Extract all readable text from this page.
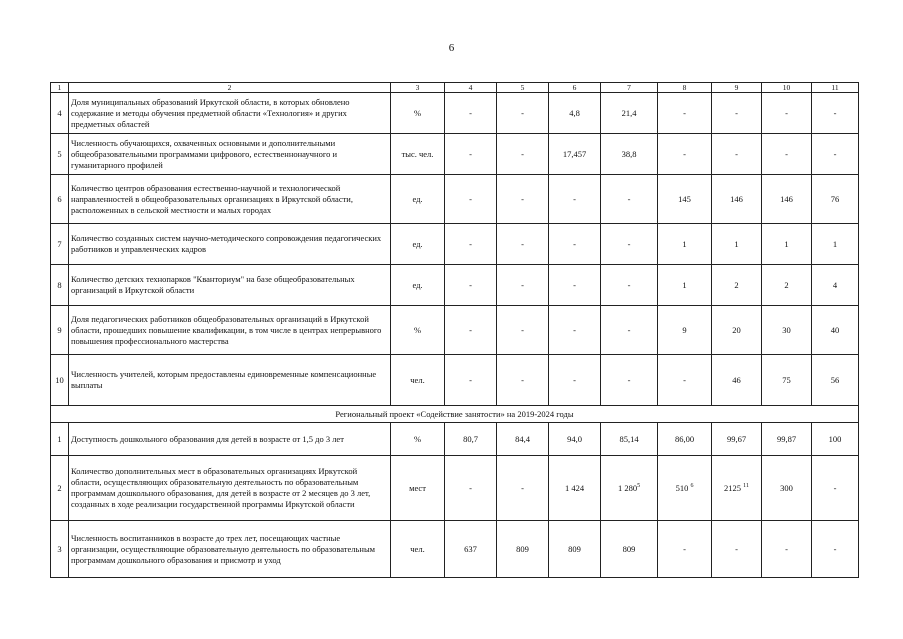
6
1	2	3	4	5	6	7	8	9	10	11
4	Доля муниципальных образований Иркутской области, в которых обновлено содержание и методы обучения предметной области «Технология» и других предметных областей	%	-	-	4,8	21,4	-	-	-	-
5	Численность обучающихся, охваченных основными и дополнительными общеобразовательными программами цифрового, естественнонаучного и гуманитарного профилей	тыс. чел.	-	-	17,457	38,8	-	-	-	-
6	Количество центров образования естественно-научной и технологической направленностей в общеобразовательных организациях в Иркутской области, расположенных в сельской местности и малых городах	ед.	-	-	-	-	145	146	146	76
7	Количество созданных систем научно-методического сопровождения педагогических работников и управленческих кадров	ед.	-	-	-	-	1	1	1	1
8	Количество детских технопарков "Кванториум" на базе общеобразовательных организаций в Иркутской области	ед.	-	-	-	-	1	2	2	4
9	Доля педагогических работников общеобразовательных организаций в Иркутской области, прошедших повышение квалификации, в том числе в центрах непрерывного повышения профессионального мастерства	%	-	-	-	-	9	20	30	40
10	Численность учителей, которым предоставлены единовременные компенсационные выплаты	чел.	-	-	-	-	-	46	75	56
Региональный проект «Содействие занятости» на 2019-2024 годы										
1	Доступность дошкольного образования для детей в возрасте от 1,5 до 3 лет	%	80,7	84,4	94,0	85,14	86,00	99,67	99,87	100
2	Количество дополнительных мест в образовательных организациях Иркутской области, осуществляющих образовательную деятельность по образовательным программам дошкольного образования, для детей в возрасте от 2 месяцев до 3 лет, созданных в ходе реализации государственной программы Иркутской области	мест	-	-	1 424	1 $280^5$	510 $^6$	2125 $^{11}$	300	-
3	Численность воспитанников в возрасте до трех лет, посещающих частные организации, осуществляющие образовательную деятельность по образовательным программам дошкольного образования и присмотр и уход	чел.	637	809	809	809	-	-	-	-
